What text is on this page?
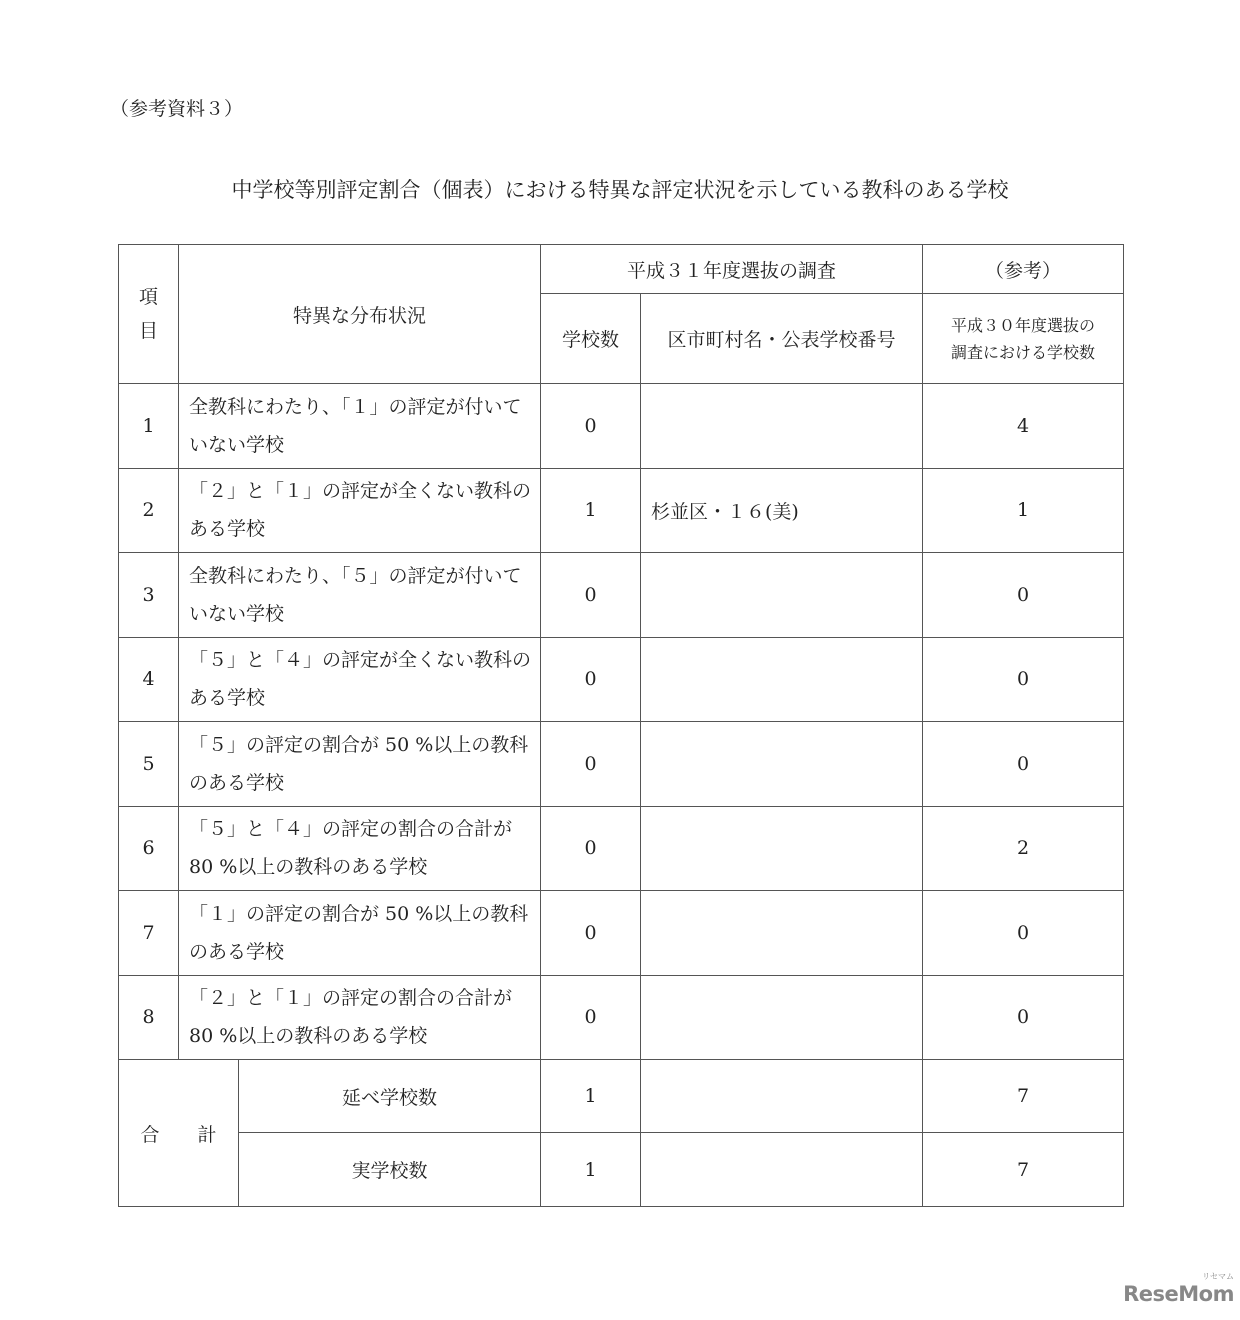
（参考資料３）
中学校等別評定割合（個表）における特異な評定状況を示している教科のある学校
項
目	特異な分布状況		平成３１年度選抜の調査		（参考）
			学校数	区市町村名・公表学校番号	平成３０年度選抜の
調査における学校数
1	全教科にわたり、「１」の評定が付いていない学校		0		4
2	「２」と「１」の評定が全くない教科のある学校		1	杉並区・１６(美)	1
3	全教科にわたり、「５」の評定が付いていない学校		0		0
4	「５」と「４」の評定が全くない教科のある学校		0		0
5	「５」の評定の割合が 50 %以上の教科のある学校		0		0
6	「５」と「４」の評定の割合の合計が 80 %以上の教科のある学校		0		2
7	「１」の評定の割合が 50 %以上の教科のある学校		0		0
8	「２」と「１」の評定の割合の合計が 80 %以上の教科のある学校		0		0
合　　計		延べ学校数	1		7
		実学校数	1		7
リセマム
ReseMom
